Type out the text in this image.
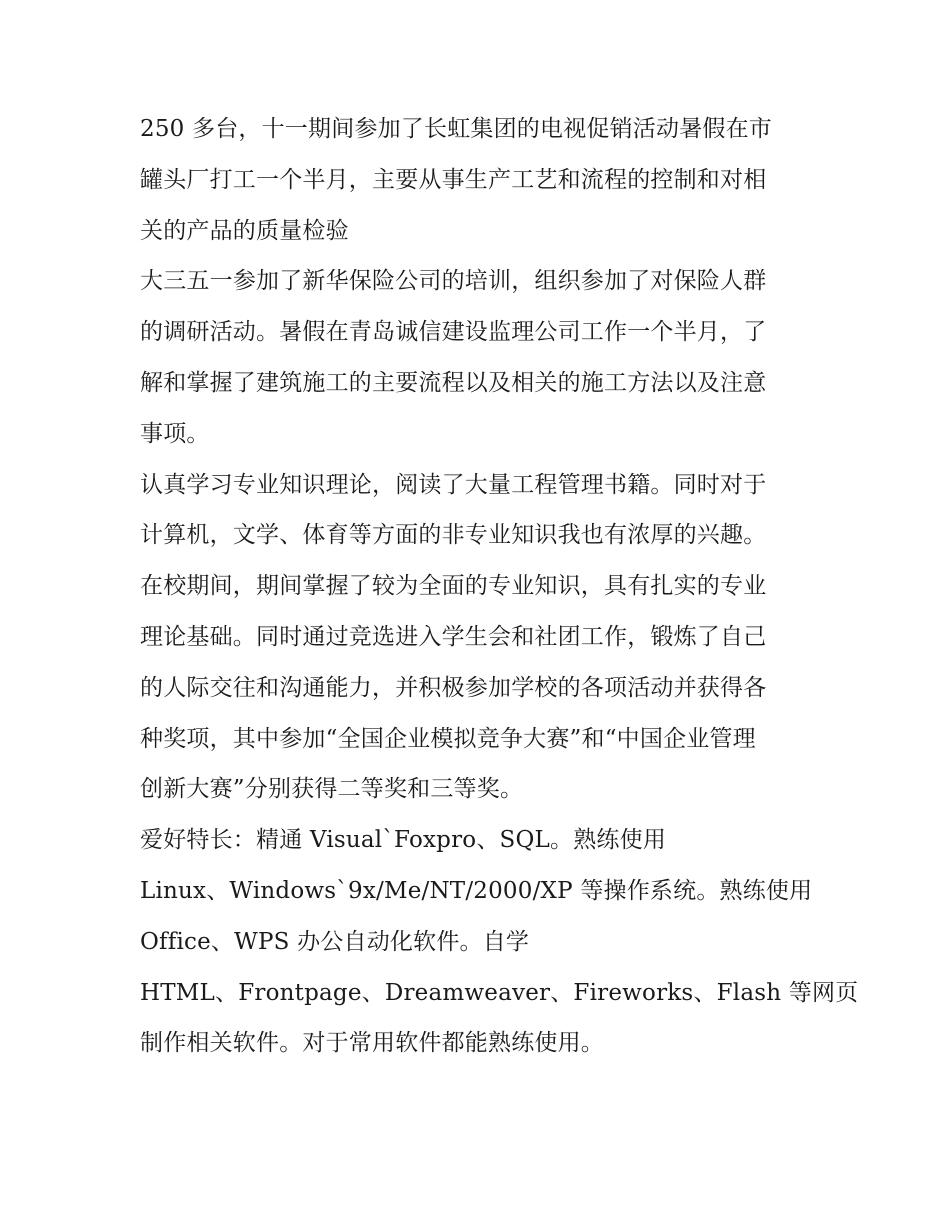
250 多台，十一期间参加了长虹集团的电视促销活动暑假在市
罐头厂打工一个半月，主要从事生产工艺和流程的控制和对相
关的产品的质量检验
大三五一参加了新华保险公司的培训，组织参加了对保险人群
的调研活动。暑假在青岛诚信建设监理公司工作一个半月，了
解和掌握了建筑施工的主要流程以及相关的施工方法以及注意
事项。
认真学习专业知识理论，阅读了大量工程管理书籍。同时对于
计算机，文学、体育等方面的非专业知识我也有浓厚的兴趣。
在校期间，期间掌握了较为全面的专业知识，具有扎实的专业
理论基础。同时通过竞选进入学生会和社团工作，锻炼了自己
的人际交往和沟通能力，并积极参加学校的各项活动并获得各
种奖项，其中参加“全国企业模拟竞争大赛”和“中国企业管理
创新大赛”分别获得二等奖和三等奖。
爱好特长：精通 Visual`Foxpro、SQL。熟练使用
Linux、Windows`9x/Me/NT/2000/XP 等操作系统。熟练使用
Office、WPS 办公自动化软件。自学
HTML、Frontpage、Dreamweaver、Fireworks、Flash 等网页
制作相关软件。对于常用软件都能熟练使用。
